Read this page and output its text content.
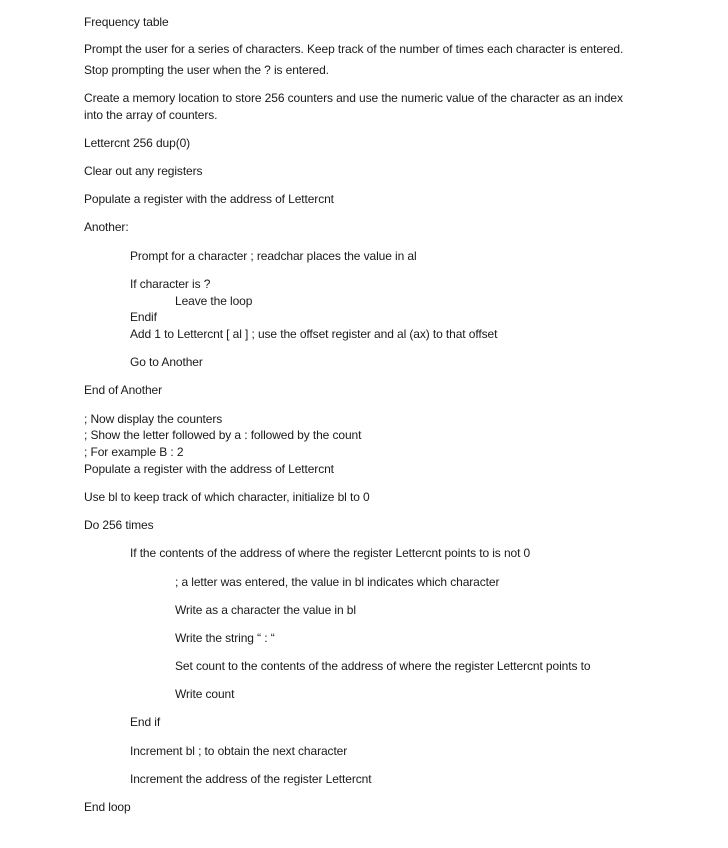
Frequency table

Prompt the user for a series of characters. Keep track of the number of times each character is entered.

Stop prompting the user when the ? is entered.

Create a memory location to store 256 counters and use the numeric value of the character as an index

into the array of counters.

Lettercnt 256 dup(0)

Clear out any registers

Populate a register with the address of Lettercnt

Another:

Prompt for a character ; readchar places the value in al

If character is ?

Leave the loop

Endif

Add 1 to Lettercnt [ al ] ; use the offset register and al (ax) to that offset

Go to Another

End of Another

; Now display the counters

; Show the letter followed by a : followed by the count

; For example B : 2

Populate a register with the address of Lettercnt

Use bl to keep track of which character, initialize bl to 0

Do 256 times

If the contents of the address of where the register Lettercnt points to is not 0

; a letter was entered, the value in bl indicates which character

Write as a character the value in bl

Write the string “ : “

Set count to the contents of the address of where the register Lettercnt points to

Write count

End if

Increment bl ; to obtain the next character

Increment the address of the register Lettercnt

End loop
